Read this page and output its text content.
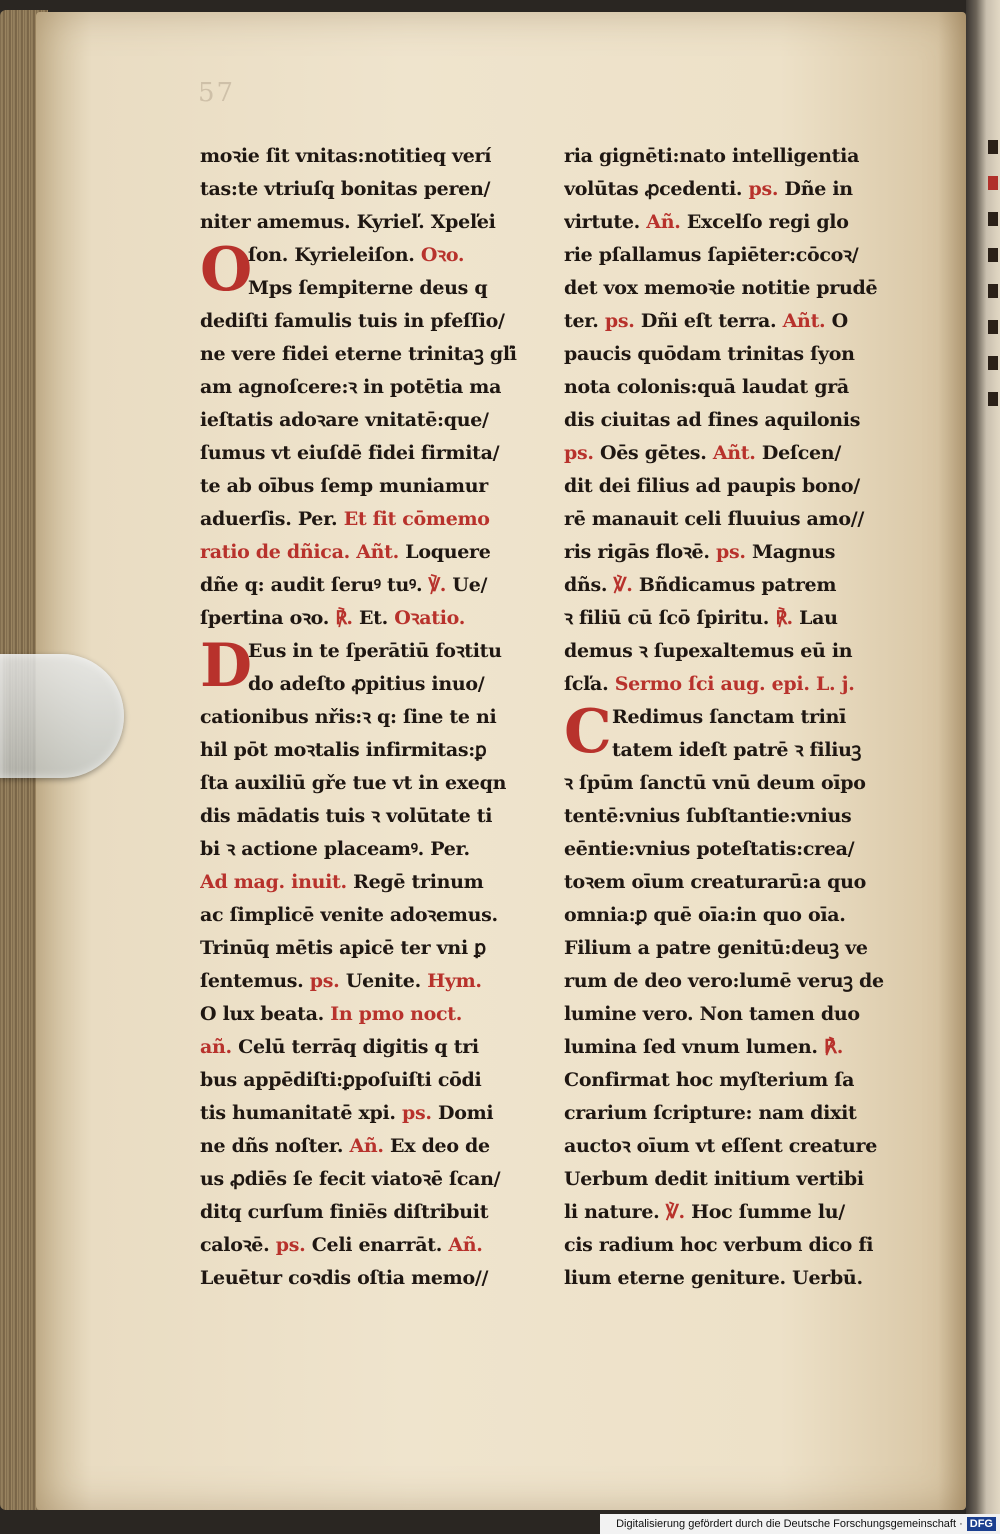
57
moꝛie ſit vnitas:notitieq verí
tas:te vtriuſq bonitas peren/
niter amemus. Kyrieľ. Xpeľei
O
ſon. Kyrieleiſon. Oꝛo.
Mps ſempiterne deus q
dediſti famulis tuis in pfeſſio/
ne vere fidei eterne trinitaꝫ gľi
am agnoſcere:ꝛ in potētia ma
ieſtatis adoꝛare vnitatē:que/
ſumus vt eiuſdē fidei firmita/
te ab oībus ſemp muniamur
aduerſis. Per. Et fit cōmemo
ratio de dñica. Añt. Loquere
dñe q: audit ſeruꝰ tuꝰ. ℣. Ue/
ſpertina oꝛo. ℟. Et. Oꝛatio.
D
Eus in te ſperātiū foꝛtitu
do adeſto ꝓpitius inuo/
cationibus nřis:ꝛ q: ſine te ni
hil pōt moꝛtalis infirmitas:ꝑ
ſta auxiliū gře tue vt in exeqn
dis mādatis tuis ꝛ volūtate ti
bi ꝛ actione placeamꝰ. Per.
Ad mag. inuit. Regē trinum
ac ſimplicē venite adoꝛemus.
Trinūq mētis apicē ter vni ꝑ
ſentemus. ps. Uenite. Hym.
O lux beata. In pmo noct.
añ. Celū terrāq digitis q tri
bus appēdiſti:ꝑpoſuiſti cōdi
tis humanitatē xpi. ps. Domi
ne dñs noſter. Añ. Ex deo de
us ꝓdiēs ſe fecit viatoꝛē ſcan/
ditq curſum finiēs diſtribuit
caloꝛē. ps. Celi enarrāt. Añ.
Leuētur coꝛdis oſtia memo//
ria gignēti:nato intelligentia
volūtas ꝓcedenti. ps. Dñe in
virtute. Añ. Excelſo regi glo
rie pſallamus ſapiēter:cōcoꝛ/
det vox memoꝛie notitie prudē
ter. ps. Dñi eſt terra. Añt. O
paucis quōdam trinitas ſyon
nota colonis:quā laudat grā
dis ciuitas ad fines aquilonis
ps. Oēs gētes. Añt. Deſcen/
dit dei filius ad paupis bono/
rē manauit celi fluuius amo//
ris rigās floꝛē. ps. Magnus
dñs. ℣. Bñdicamus patrem
ꝛ filiū cū ſcō ſpiritu. ℟. Lau
demus ꝛ ſupexaltemus eū in
ſcľa. Sermo ſci aug. epi. L. j.
C Redimus ſanctam trinī
tatem ideſt patrē ꝛ filiuꝫ
ꝛ ſpūm ſanctū vnū deum oīpo
tentē:vnius ſubſtantie:vnius
eēntie:vnius poteſtatis:crea/
toꝛem oīum creaturarū:a quo
omnia:ꝑ quē oīa:in quo oīa.
Filium a patre genitū:deuꝫ ve
rum de deo vero:lumē veruꝫ de
lumine vero. Non tamen duo
lumina ſed vnum lumen. ℟.
Confirmat hoc myſterium ſa
crarium ſcripture: nam dixit
auctoꝛ oīum vt eſſent creature
Uerbum dedit initium vertibi
li nature. ℣. Hoc ſumme lu/
cis radium hoc verbum dico fi
lium eterne geniture. Uerbū.
Digitalisierung gefördert durch die Deutsche Forschungsgemeinschaft · DFG
